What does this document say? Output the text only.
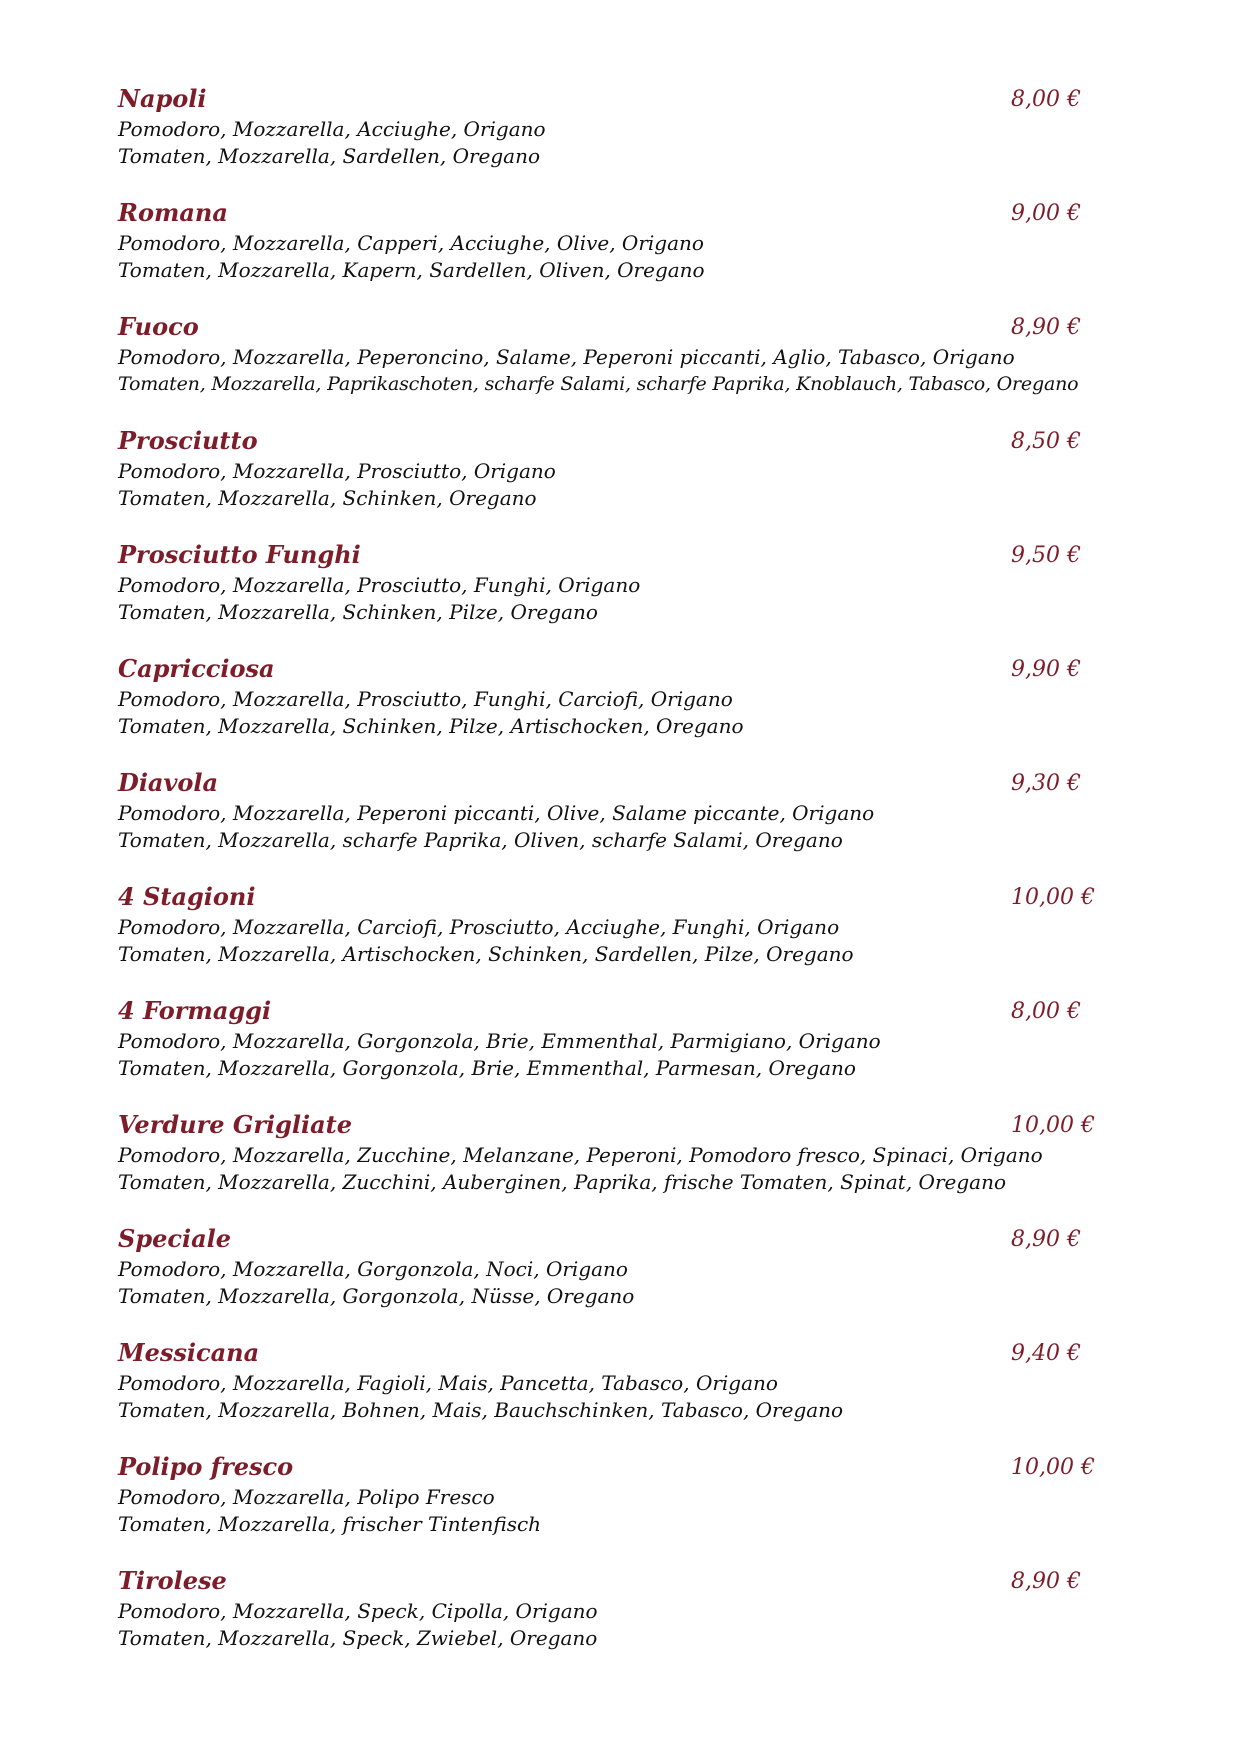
Napoli	8,00 €
Pomodoro, Mozzarella, Acciughe, Origano
Tomaten, Mozzarella, Sardellen, Oregano
Romana	9,00 €
Pomodoro, Mozzarella, Capperi, Acciughe, Olive, Origano
Tomaten, Mozzarella, Kapern, Sardellen, Oliven, Oregano
Fuoco	8,90 €
Pomodoro, Mozzarella, Peperoncino, Salame, Peperoni piccanti, Aglio, Tabasco, Origano
Tomaten, Mozzarella, Paprikaschoten, scharfe Salami, scharfe Paprika, Knoblauch, Tabasco, Oregano
Prosciutto	8,50 €
Pomodoro, Mozzarella, Prosciutto, Origano
Tomaten, Mozzarella, Schinken, Oregano
Prosciutto Funghi	9,50 €
Pomodoro, Mozzarella, Prosciutto, Funghi, Origano
Tomaten, Mozzarella, Schinken, Pilze, Oregano
Capricciosa	9,90 €
Pomodoro, Mozzarella, Prosciutto, Funghi, Carciofi, Origano
Tomaten, Mozzarella, Schinken, Pilze, Artischocken, Oregano
Diavola	9,30 €
Pomodoro, Mozzarella, Peperoni piccanti, Olive, Salame piccante, Origano
Tomaten, Mozzarella, scharfe Paprika, Oliven, scharfe Salami, Oregano
4 Stagioni	10,00 €
Pomodoro, Mozzarella, Carciofi, Prosciutto, Acciughe, Funghi, Origano
Tomaten, Mozzarella, Artischocken, Schinken, Sardellen, Pilze, Oregano
4 Formaggi	8,00 €
Pomodoro, Mozzarella, Gorgonzola, Brie, Emmenthal, Parmigiano, Origano
Tomaten, Mozzarella, Gorgonzola, Brie, Emmenthal, Parmesan, Oregano
Verdure Grigliate	10,00 €
Pomodoro, Mozzarella, Zucchine, Melanzane, Peperoni, Pomodoro fresco, Spinaci, Origano
Tomaten, Mozzarella, Zucchini, Auberginen, Paprika, frische Tomaten, Spinat, Oregano
Speciale	8,90 €
Pomodoro, Mozzarella, Gorgonzola, Noci, Origano
Tomaten, Mozzarella, Gorgonzola, Nüsse, Oregano
Messicana	9,40 €
Pomodoro, Mozzarella, Fagioli, Mais, Pancetta, Tabasco, Origano
Tomaten, Mozzarella, Bohnen, Mais, Bauchschinken, Tabasco, Oregano
Polipo fresco	10,00 €
Pomodoro, Mozzarella, Polipo Fresco
Tomaten, Mozzarella, frischer Tintenfisch
Tirolese	8,90 €
Pomodoro, Mozzarella, Speck, Cipolla, Origano
Tomaten, Mozzarella, Speck, Zwiebel, Oregano
